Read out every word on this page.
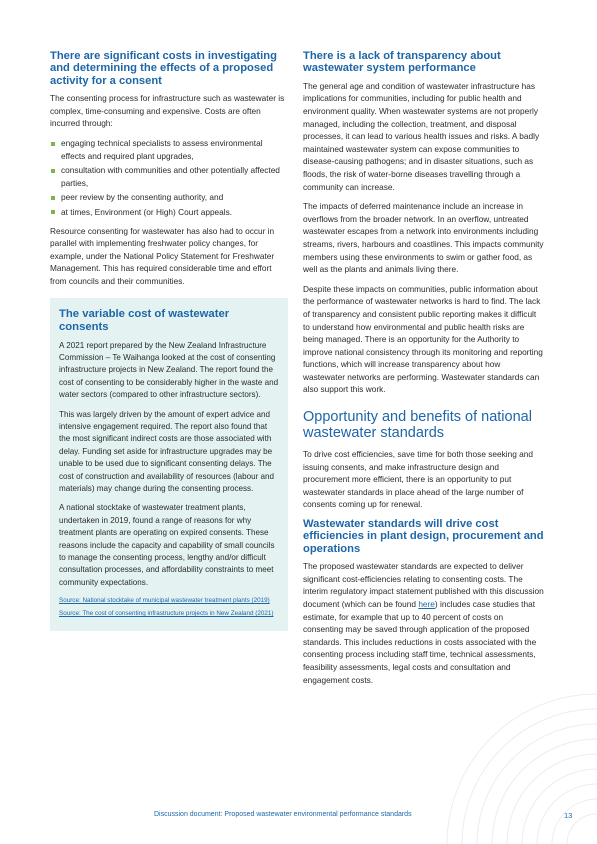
There are significant costs in investigating and determining the effects of a proposed activity for a consent

The consenting process for infrastructure such as wastewater is complex, time-consuming and expensive. Costs are often incurred through:

engaging technical specialists to assess environmental effects and required plant upgrades,
consultation with communities and other potentially affected parties,
peer review by the consenting authority, and
at times, Environment (or High) Court appeals.

Resource consenting for wastewater has also had to occur in parallel with implementing freshwater policy changes, for example, under the National Policy Statement for Freshwater Management. This has required considerable time and effort from councils and their communities.

The variable cost of wastewater consents

A 2021 report prepared by the New Zealand Infrastructure Commission – Te Waihanga looked at the cost of consenting infrastructure projects in New Zealand. The report found the cost of consenting to be considerably higher in the waste and water sectors (compared to other infrastructure sectors).

This was largely driven by the amount of expert advice and intensive engagement required. The report also found that the most significant indirect costs are those associated with delay. Funding set aside for infrastructure upgrades may be unable to be used due to significant consenting delays. The cost of construction and availability of resources (labour and materials) may change during the consenting process.

A national stocktake of wastewater treatment plants, undertaken in 2019, found a range of reasons for why treatment plants are operating on expired consents. These reasons include the capacity and capability of small councils to manage the consenting process, lengthy and/or difficult consultation processes, and affordability constraints to meet community expectations.

Source: National stocktake of municipal wastewater treatment plants (2019)
Source: The cost of consenting infrastructure projects in New Zealand (2021)
There is a lack of transparency about wastewater system performance

The general age and condition of wastewater infrastructure has implications for communities, including for public health and environment quality. When wastewater systems are not properly managed, including the collection, treatment, and disposal processes, it can lead to various health issues and risks. A badly maintained wastewater system can expose communities to disease-causing pathogens; and in disaster situations, such as floods, the risk of water-borne diseases travelling through a community can increase.

The impacts of deferred maintenance include an increase in overflows from the broader network. In an overflow, untreated wastewater escapes from a network into environments including streams, rivers, harbours and coastlines. This impacts community members using these environments to swim or gather food, as well as the plants and animals living there.

Despite these impacts on communities, public information about the performance of wastewater networks is hard to find. The lack of transparency and consistent public reporting makes it difficult to understand how environmental and public health risks are being managed. There is an opportunity for the Authority to improve national consistency through its monitoring and reporting functions, which will increase transparency about how wastewater networks are performing. Wastewater standards can also support this work.

Opportunity and benefits of national wastewater standards

To drive cost efficiencies, save time for both those seeking and issuing consents, and make infrastructure design and procurement more efficient, there is an opportunity to put wastewater standards in place ahead of the large number of consents coming up for renewal.

Wastewater standards will drive cost efficiencies in plant design, procurement and operations

The proposed wastewater standards are expected to deliver significant cost-efficiencies relating to consenting costs. The interim regulatory impact statement published with this discussion document (which can be found here) includes case studies that estimate, for example that up to 40 percent of costs on consenting may be saved through application of the proposed standards. This includes reductions in costs associated with the consenting process including staff time, technical assessments, feasibility assessments, legal costs and consultation and engagement costs.

Discussion document: Proposed wastewater environmental performance standards	13
